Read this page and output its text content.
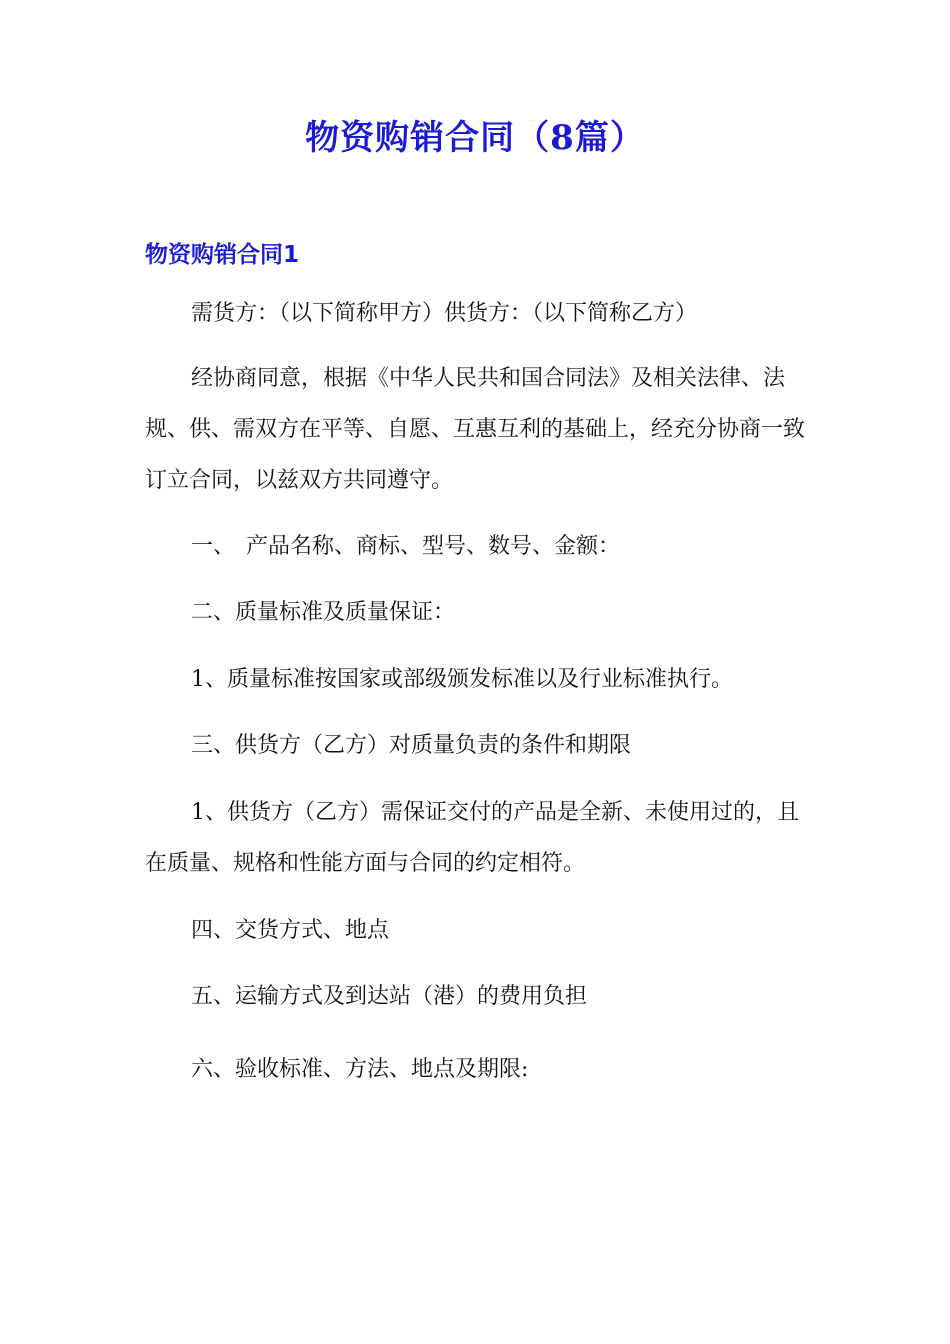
物资购销合同（8篇）
物资购销合同1

需货方：（以下简称甲方）供货方：（以下简称乙方）

经协商同意，根据《中华人民共和国合同法》及相关法律、法规、供、需双方在平等、自愿、互惠互利的基础上，经充分协商一致订立合同，以兹双方共同遵守。

一、　产品名称、商标、型号、数号、金额：

二、质量标准及质量保证：

1、质量标准按国家或部级颁发标准以及行业标准执行。

三、供货方（乙方）对质量负责的条件和期限

1、供货方（乙方）需保证交付的产品是全新、未使用过的，且在质量、规格和性能方面与合同的约定相符。

四、交货方式、地点

五、运输方式及到达站（港）的费用负担

六、验收标准、方法、地点及期限:
